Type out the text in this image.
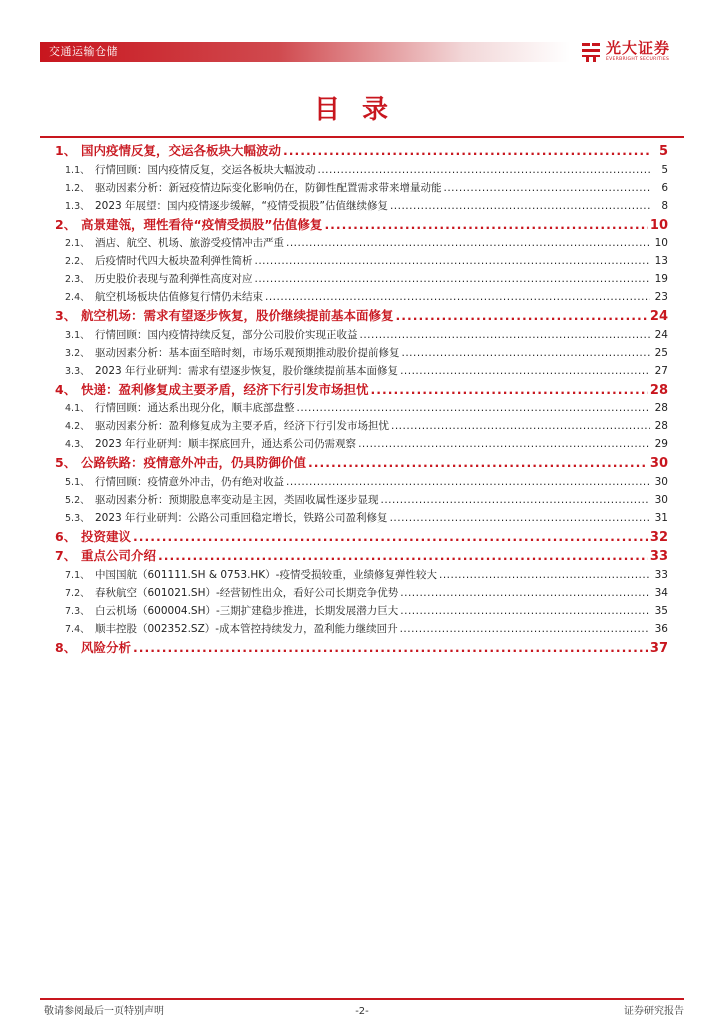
交通运输仓储	光大证券
EVERBRIGHT SECURITIES
目录
1、 国内疫情反复，交运各板块大幅波动 .....	5
1.1、 行情回顾：国内疫情反复，交运各板块大幅波动 .....	5
1.2、 驱动因素分析：新冠疫情边际变化影响仍在，防御性配置需求带来增量动能 .....	6
1.3、 2023 年展望：国内疫情逐步缓解，“疫情受损股”估值继续修复 .....	8
2、 高景建瓴，理性看待“疫情受损股”估值修复 .....	10
2.1、 酒店、航空、机场、旅游受疫情冲击严重 .....	10
2.2、 后疫情时代四大板块盈利弹性简析 .....	13
2.3、 历史股价表现与盈利弹性高度对应 .....	19
2.4、 航空机场板块估值修复行情仍未结束 .....	23
3、 航空机场：需求有望逐步恢复，股价继续提前基本面修复 .....	24
3.1、 行情回顾：国内疫情持续反复，部分公司股价实现正收益 .....	24
3.2、 驱动因素分析：基本面至暗时刻，市场乐观预期推动股价提前修复 .....	25
3.3、 2023 年行业研判：需求有望逐步恢复，股价继续提前基本面修复 .....	27
4、 快递：盈利修复成主要矛盾，经济下行引发市场担忧 .....	28
4.1、 行情回顾：通达系出现分化，顺丰底部盘整 .....	28
4.2、 驱动因素分析：盈利修复成为主要矛盾，经济下行引发市场担忧 .....	28
4.3、 2023 年行业研判：顺丰探底回升，通达系公司仍需观察 .....	29
5、 公路铁路：疫情意外冲击，仍具防御价值 .....	30
5.1、 行情回顾：疫情意外冲击，仍有绝对收益 .....	30
5.2、 驱动因素分析：预期股息率变动是主因，类固收属性逐步显现 .....	30
5.3、 2023 年行业研判：公路公司重回稳定增长，铁路公司盈利修复 .....	31
6、 投资建议 .....	32
7、 重点公司介绍 .....	33
7.1、 中国国航（601111.SH & 0753.HK）-疫情受损较重，业绩修复弹性较大 .....	33
7.2、 春秋航空（601021.SH）-经营韧性出众，看好公司长期竞争优势 .....	34
7.3、 白云机场（600004.SH）-三期扩建稳步推进，长期发展潜力巨大 .....	35
7.4、 顺丰控股（002352.SZ）-成本管控持续发力，盈利能力继续回升 .....	36
8、 风险分析 .....	37
敬请参阅最后一页特别声明	-2-	证券研究报告
